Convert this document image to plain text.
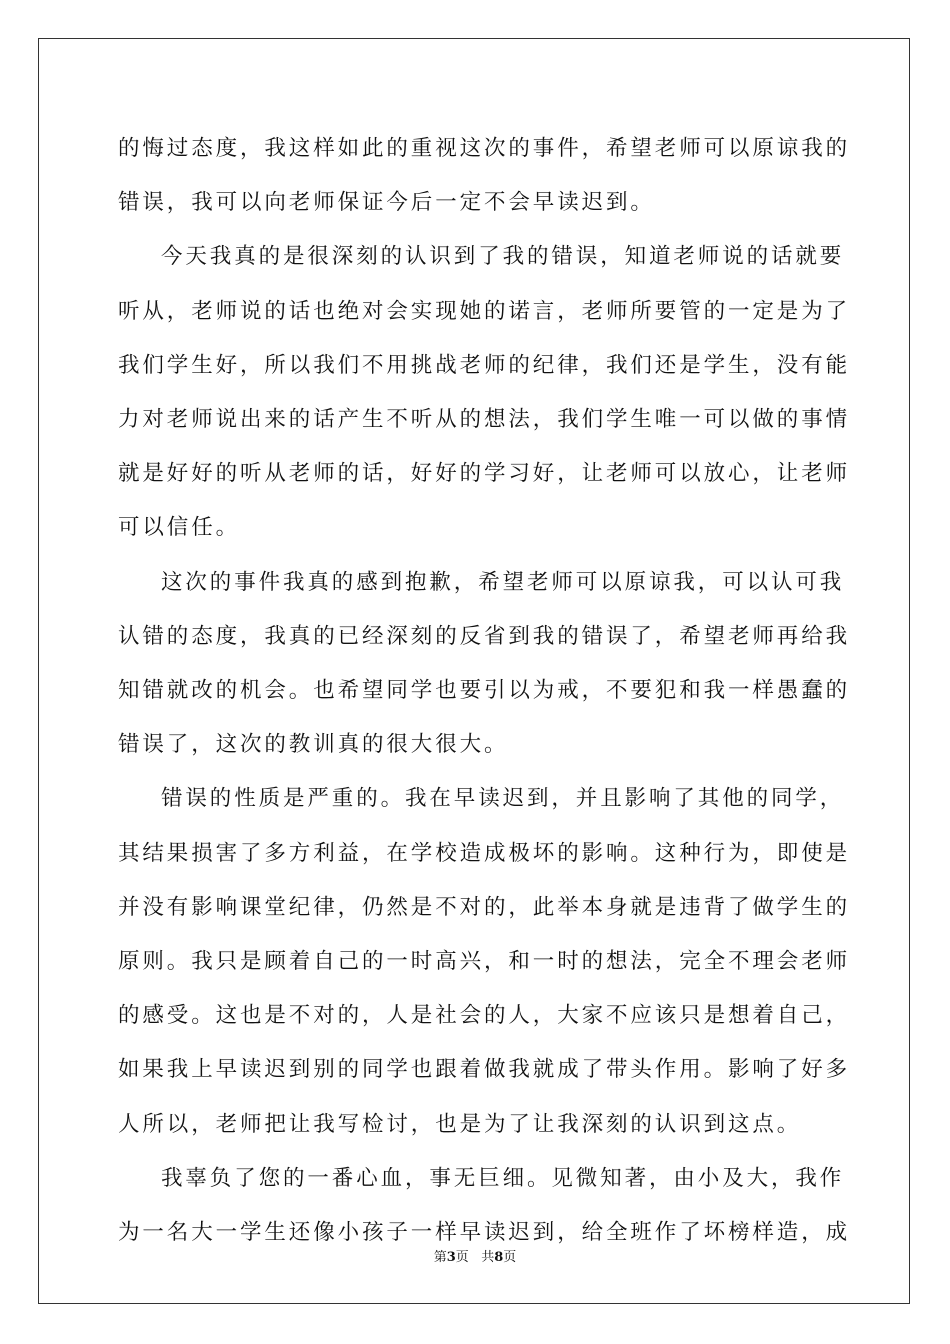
的悔过态度，我这样如此的重视这次的事件，希望老师可以原谅我的
错误，我可以向老师保证今后一定不会早读迟到。

今天我真的是很深刻的认识到了我的错误，知道老师说的话就要
听从，老师说的话也绝对会实现她的诺言，老师所要管的一定是为了
我们学生好，所以我们不用挑战老师的纪律，我们还是学生，没有能
力对老师说出来的话产生不听从的想法，我们学生唯一可以做的事情
就是好好的听从老师的话，好好的学习好，让老师可以放心，让老师
可以信任。

这次的事件我真的感到抱歉，希望老师可以原谅我，可以认可我
认错的态度，我真的已经深刻的反省到我的错误了，希望老师再给我
知错就改的机会。也希望同学也要引以为戒，不要犯和我一样愚蠢的
错误了，这次的教训真的很大很大。

错误的性质是严重的。我在早读迟到，并且影响了其他的同学，
其结果损害了多方利益，在学校造成极坏的影响。这种行为，即使是
并没有影响课堂纪律，仍然是不对的，此举本身就是违背了做学生的
原则。我只是顾着自己的一时高兴，和一时的想法，完全不理会老师
的感受。这也是不对的，人是社会的人，大家不应该只是想着自己，
如果我上早读迟到别的同学也跟着做我就成了带头作用。影响了好多
人所以，老师把让我写检讨，也是为了让我深刻的认识到这点。

我辜负了您的一番心血，事无巨细。见微知著，由小及大，我作
为一名大一学生还像小孩子一样早读迟到，给全班作了坏榜样造，成

第3页 共8页
